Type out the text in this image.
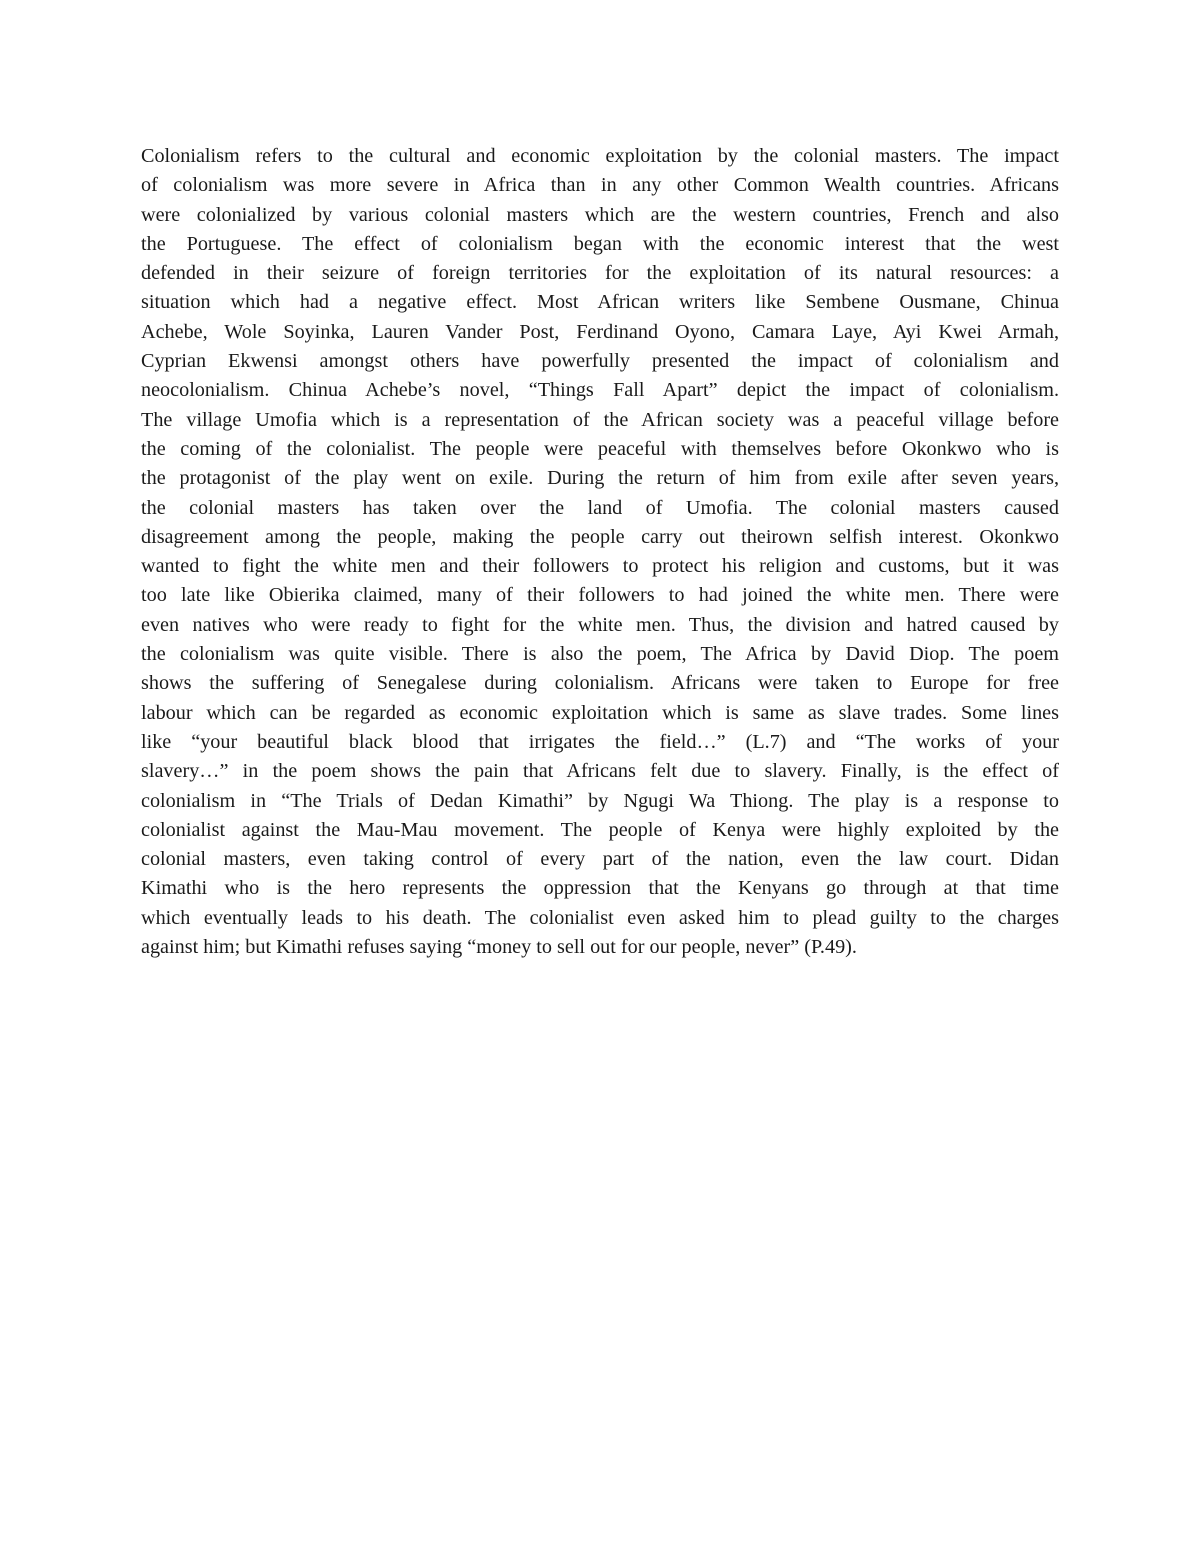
Colonialism refers to the cultural and economic exploitation by the colonial masters. The impact
of colonialism was more severe in Africa than in any other Common Wealth countries. Africans
were colonialized by various colonial masters which are the western countries, French and also
the Portuguese. The effect of colonialism began with the economic interest that the west
defended in their seizure of foreign territories for the exploitation of its natural resources: a
situation which had a negative effect. Most African writers like Sembene Ousmane, Chinua
Achebe, Wole Soyinka, Lauren Vander Post, Ferdinand Oyono, Camara Laye, Ayi Kwei Armah,
Cyprian Ekwensi amongst others have powerfully presented the impact of colonialism and
neocolonialism. Chinua Achebe’s novel, “Things Fall Apart” depict the impact of colonialism.
The village Umofia which is a representation of the African society was a peaceful village before
the coming of the colonialist. The people were peaceful with themselves before Okonkwo who is
the protagonist of the play went on exile. During the return of him from exile after seven years,
the colonial masters has taken over the land of Umofia. The colonial masters caused
disagreement among the people, making the people carry out theirown selfish interest. Okonkwo
wanted to fight the white men and their followers to protect his religion and customs, but it was
too late like Obierika claimed, many of their followers to had joined the white men. There were
even natives who were ready to fight for the white men. Thus, the division and hatred caused by
the colonialism was quite visible. There is also the poem, The Africa by David Diop. The poem
shows the suffering of Senegalese during colonialism. Africans were taken to Europe for free
labour which can be regarded as economic exploitation which is same as slave trades. Some lines
like “your beautiful black blood that irrigates the field…” (L.7) and “The works of your
slavery…” in the poem shows the pain that Africans felt due to slavery. Finally, is the effect of
colonialism in “The Trials of Dedan Kimathi” by Ngugi Wa Thiong. The play is a response to
colonialist against the Mau-Mau movement. The people of Kenya were highly exploited by the
colonial masters, even taking control of every part of the nation, even the law court. Didan
Kimathi who is the hero represents the oppression that the Kenyans go through at that time
which eventually leads to his death. The colonialist even asked him to plead guilty to the charges
against him; but Kimathi refuses saying “money to sell out for our people, never” (P.49).
